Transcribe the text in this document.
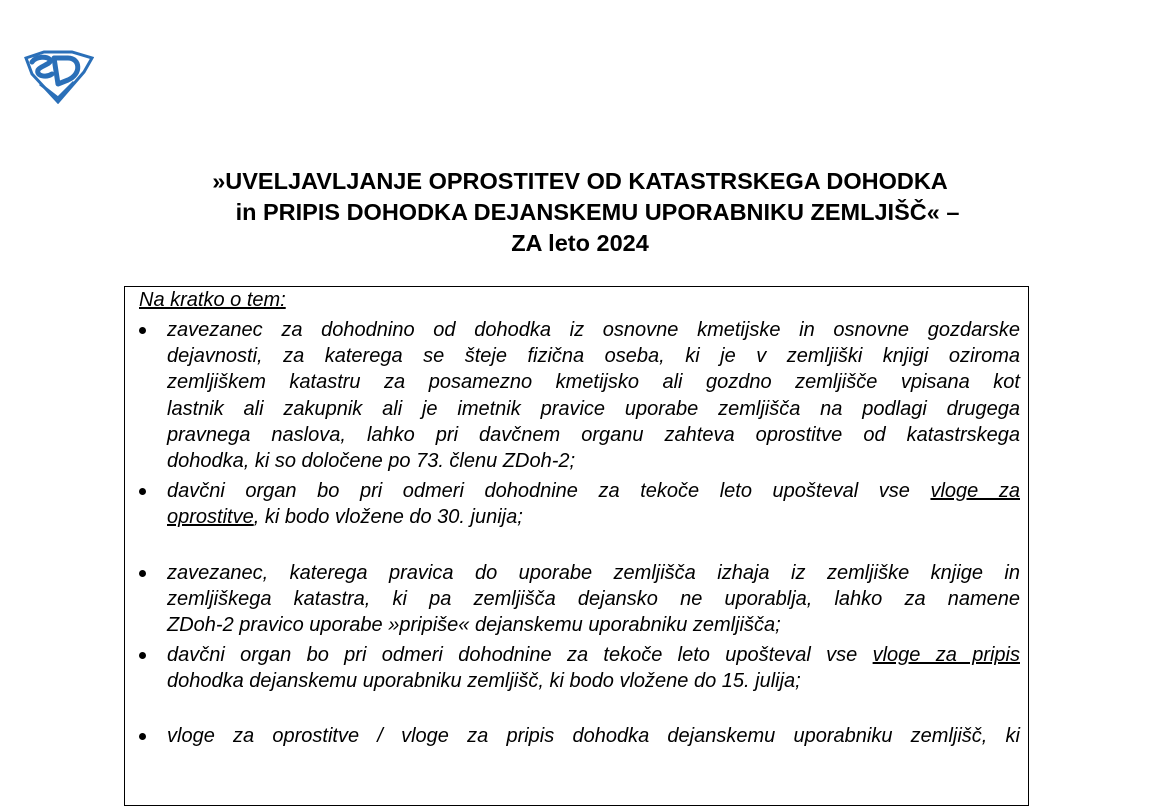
»UVELJAVLJANJE OPROSTITEV OD KATASTRSKEGA DOHODKA
in PRIPIS DOHODKA DEJANSKEMU UPORABNIKU ZEMLJIŠČ« –
ZA leto 2024
Na kratko o tem:
zavezanec za dohodnino od dohodka iz osnovne kmetijske in osnovne gozdarske
dejavnosti, za katerega se šteje fizična oseba, ki je v zemljiški knjigi oziroma
zemljiškem katastru za posamezno kmetijsko ali gozdno zemljišče vpisana kot
lastnik ali zakupnik ali je imetnik pravice uporabe zemljišča na podlagi drugega
pravnega naslova, lahko pri davčnem organu zahteva oprostitve od katastrskega
dohodka, ki so določene po 73. členu ZDoh-2;
davčni organ bo pri odmeri dohodnine za tekoče leto upošteval vse vloge za
oprostitve, ki bodo vložene do 30. junija;
zavezanec, katerega pravica do uporabe zemljišča izhaja iz zemljiške knjige in
zemljiškega katastra, ki pa zemljišča dejansko ne uporablja, lahko za namene
ZDoh-2 pravico uporabe »pripiše« dejanskemu uporabniku zemljišča;
davčni organ bo pri odmeri dohodnine za tekoče leto upošteval vse vloge za pripis
dohodka dejanskemu uporabniku zemljišč, ki bodo vložene do 15. julija;
vloge za oprostitve / vloge za pripis dohodka dejanskemu uporabniku zemljišč, ki
